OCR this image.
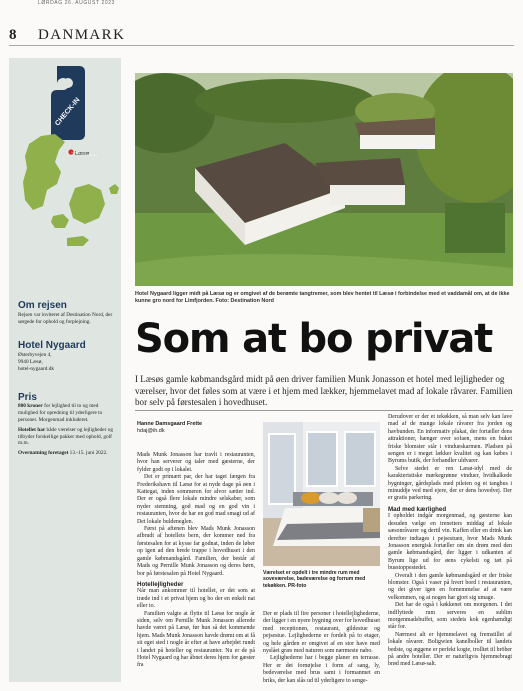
LØRDAG 26. AUGUST 2023
8 DANMARK
CHECK-IN
Læsø
Hotel Nygaard ligger midt på Læsø og er omgivet af de berømte tangtremer, som blev hentet til Læsø i forbindelse med et vaddamål om, at de ikke kunne gro nord for Limfjorden. Foto: Destination Nord
Som at bo privat
I Læsøs gamle købmandsgård midt på øen driver familien Munk Jonasson et hotel med lejligheder og værelser, hvor det føles som at være i et hjem med lækker, hjemmelavet mad af lokale råvarer. Familien bor selv på førstesalen i hovedhuset.
Hanne Damsgaard Frette
hdaj@ih.dk

Mads Munk Jonasson har travlt i restauranten, hvor han serverer og taler med gæsterne, der fylder godt op i lokalet.

Det er primært par, der har taget færgen fra Frederikshavn til Læsø for at nyde dage på øen i Kattegat, inden sommeren for alvor sætter ind. Der er også flere lokale mindre selskaber, som nyder stemning, god mad og en god vin i restauranten, hvor de har en god mad smagt ud af Det lokale buldeneglen.

Først på aftenen blev Mads Munk Jonasson afbrudt af hotellets bern, der kommer ned fra førstesalen for at kysse far godnat, inden de løber op igen ad den brede trappe i hovedhuset i den gamle købmandsgård. Familien, der består af Mads og Pernille Munk Jonasson og deres børn, bor på førstesalen på Hotel Nygaard.

Hotellejligheder

Når man ankommer til hotellet, er det som at træde ind i et privat hjem og bo der en enkelt nat eller to.

Familien valgte at flytte til Læsø for nogle år siden, selv om Pernille Munk Jonasson allerede havde været på Læsø, før hun så det kommende hjem. Mads Munk Jonasson havde drømt om at få sit eget sted i nogle år efter at have arbejdet rundt i landet på hoteller og restauranter. Nu er de på Hotel Nygaard og har åbnet deres hjem for gæster fra

Værelset er opdelt i tre mindre rum med soveværelse, badeværelse og forrum med tekøkken. PR-foto

Der er plads til fire personer i hotellejlighederne, der ligger i en nyere bygning over for hovedhuset med receptionen, restaurant, gildestue og pejsestue. Lejlighederne er fordelt på to etager, og hele gården er omgivet af en stor have med nyslået græs med naturen som nærmeste nabo.

Lejlighederne har i begge planer en terrasse. Her er det fornøjelse i form af sang, ly, bedeværelse med brus samt i formanmet en briks, der kan slås ud til yderligere to senge-

Derudover er der et tekøkken, så man selv kan lave mad af de mange lokale råvarer fra jorden og havbunden. En informativ plakat, der fortæller dens attraktioner, hænger over sofaen, mens en buket friske blomster står i vindueskarmen. Pladsen på sengen er i meget lækker kvalitet og kan købes i Byrums butik, der forhandler uldvarer.

Selve stedet er ren Læsø-idyl med de karakteristiske mørkegrønne vinduer, hvidkalkede bygninger, gårdsplads med pileien og et tangbus i minuddje ved med ejere, der er dens hovedvej. Der er gratis parkering.

Mad med kærlighed

I opholdet indgår morgenmad, og gæsterne kan desuden vælge en trenetters middag af lokale sæsonråvarer og dertil vin. Kaffen eller en drink kan derefter indtages i pejsestuen, hvor Mads Munk Jonasson energisk fortæller om sin drøm med den gamle købmandsgård, der ligger i udkanten af Byrum lige ud for øens cykelsti og tæt på busstoppestedet.

Overalt i den gamle købmandsgård er der friske blomster. Også i vaser på hvert bord i restauranten, og det giver igen en fornemmelse af at være velkommen, og at nogen har gjort sig umage.

Det har de også i køkkenet om morgenen. I det indflyttede rum serveres en sublim morgenmadsbuffet, som stedets kok egenhændigt står for.

Nærmest alt er hjemmelavet og fremstillet af lokale råvarer. Boligwien kanelboller til landets bedste, og æggene er perfekt kogte, trolltet til bröber på andre hoteller. Der er naturligvis hjemmebragt brød med Læsø-salt.

Om rejsen
Rejsen var inviteret af Destination Nord, der sørgede for ophold og forplejning.
Hotel Nygaard
Østerbyvejen 4,
9940 Læsø,
hotel-nygaard.dk
Pris
800 kroner for lejlighed til to og med mulighed for opredning til yderligere to personer. Morgenmad inkluderet.
Hotellet har både værelser og lejligheder og tilbyder forskellige pakker med ophold, golf m.m.
Overnatning foretaget 13.-15. juni 2022.
